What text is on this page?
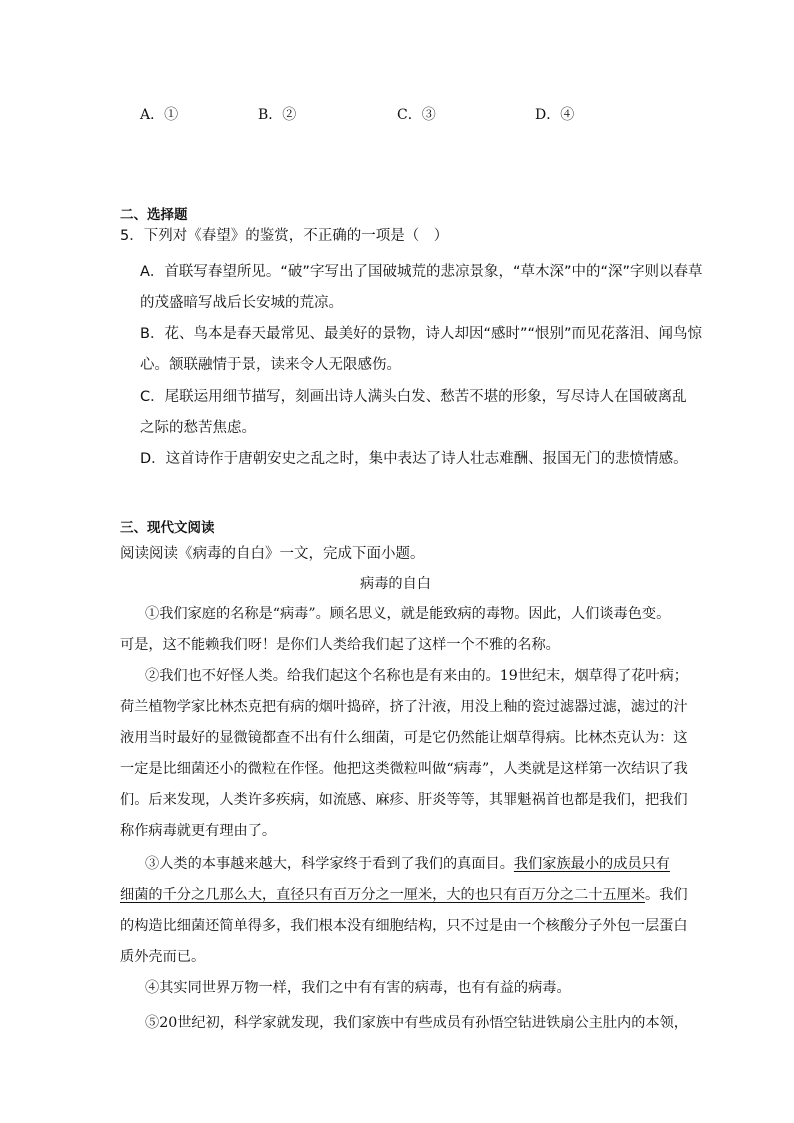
A．①	B．②	C．③	D．④
二、选择题
5．下列对《春望》的鉴赏，不正确的一项是（　）
A．首联写春望所见。“破”字写出了国破城荒的悲凉景象，“草木深”中的“深”字则以春草
的茂盛暗写战后长安城的荒凉。
B．花、鸟本是春天最常见、最美好的景物，诗人却因“感时”“恨别”而见花落泪、闻鸟惊
心。颔联融情于景，读来令人无限感伤。
C．尾联运用细节描写，刻画出诗人满头白发、愁苦不堪的形象，写尽诗人在国破离乱
之际的愁苦焦虑。
D．这首诗作于唐朝安史之乱之时，集中表达了诗人壮志难酬、报国无门的悲愤情感。
三、现代文阅读
阅读阅读《病毒的自白》一文，完成下面小题。
病毒的自白
①我们家庭的名称是“病毒”。顾名思义，就是能致病的毒物。因此，人们谈毒色变。
可是，这不能赖我们呀！是你们人类给我们起了这样一个不雅的名称。
②我们也不好怪人类。给我们起这个名称也是有来由的。19世纪末，烟草得了花叶病；
荷兰植物学家比林杰克把有病的烟叶捣碎，挤了汁液，用没上釉的瓷过滤器过滤，滤过的汁
液用当时最好的显微镜都查不出有什么细菌，可是它仍然能让烟草得病。比林杰克认为：这
一定是比细菌还小的微粒在作怪。他把这类微粒叫做“病毒”，人类就是这样第一次结识了我
们。后来发现，人类许多疾病，如流感、麻疹、肝炎等等，其罪魁祸首也都是我们，把我们
称作病毒就更有理由了。
③人类的本事越来越大，科学家终于看到了我们的真面目。我们家族最小的成员只有
细菌的千分之几那么大，直径只有百万分之一厘米，大的也只有百万分之二十五厘米。我们
的构造比细菌还简单得多，我们根本没有细胞结构，只不过是由一个核酸分子外包一层蛋白
质外壳而已。
④其实同世界万物一样，我们之中有有害的病毒，也有有益的病毒。
⑤20世纪初，科学家就发现，我们家族中有些成员有孙悟空钻进铁扇公主肚内的本领，
